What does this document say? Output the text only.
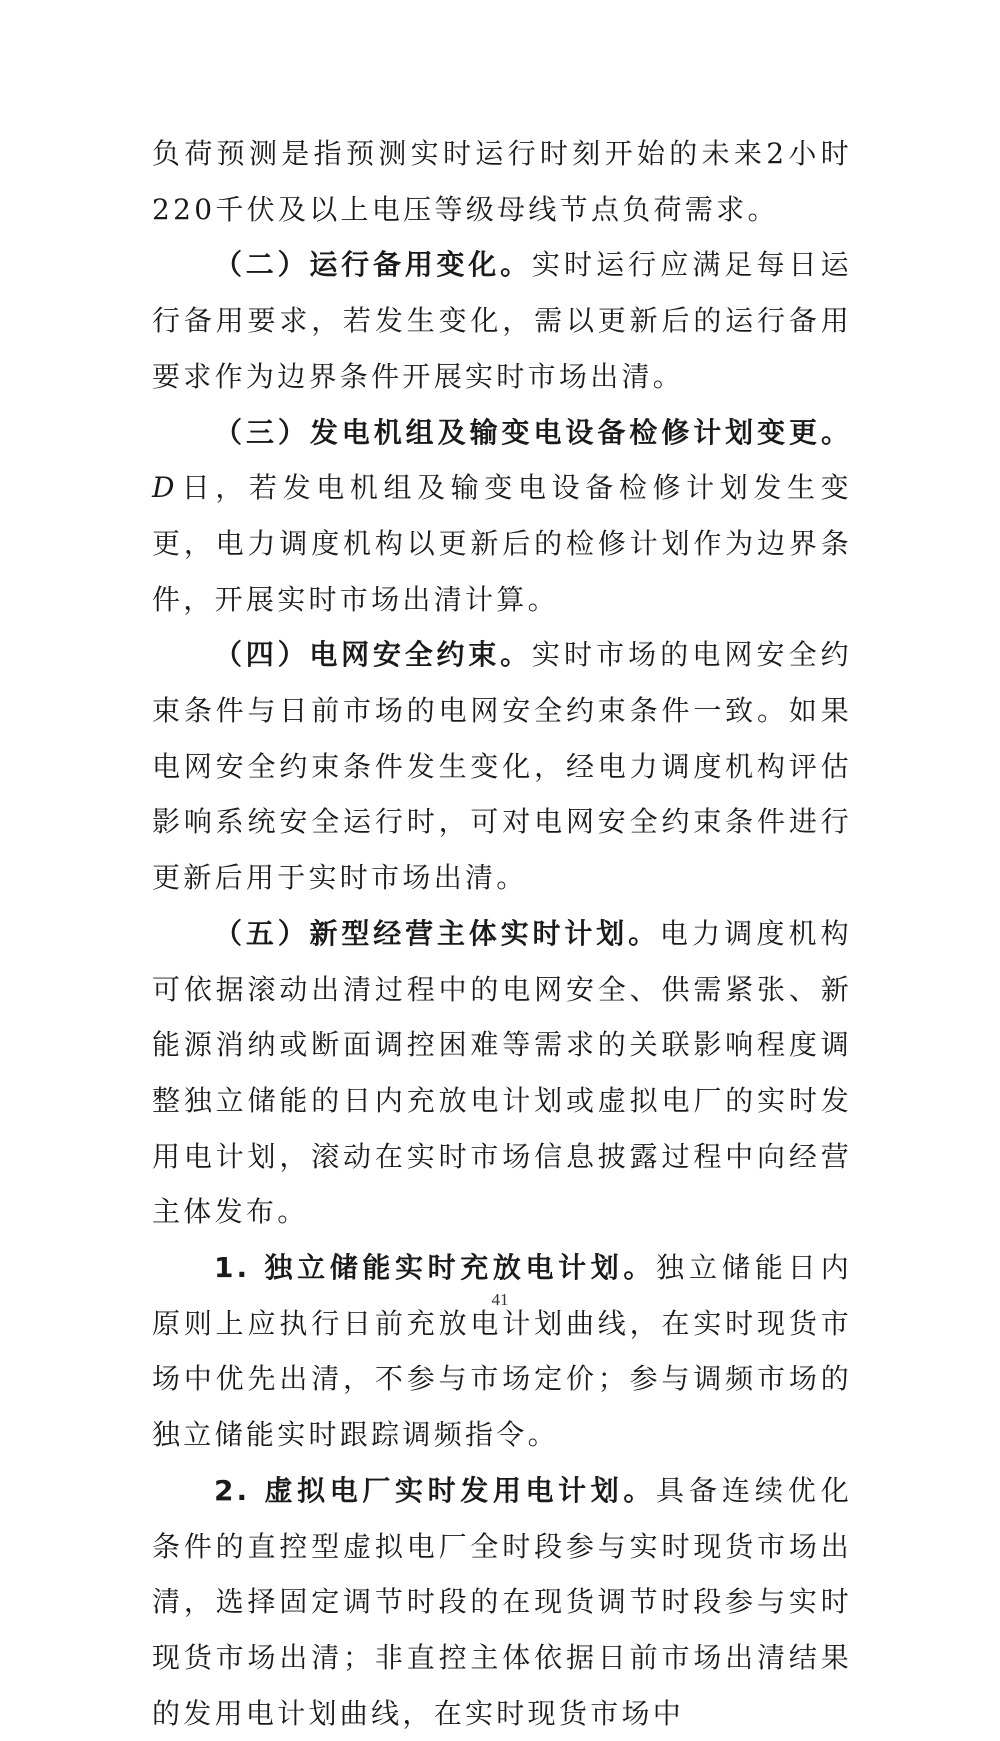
负荷预测是指预测实时运行时刻开始的未来2小时220千伏及以上电压等级母线节点负荷需求。

（二）运行备用变化。实时运行应满足每日运行备用要求，若发生变化，需以更新后的运行备用要求作为边界条件开展实时市场出清。

（三）发电机组及输变电设备检修计划变更。D 日，若发电机组及输变电设备检修计划发生变更，电力调度机构以更新后的检修计划作为边界条件，开展实时市场出清计算。

（四）电网安全约束。实时市场的电网安全约束条件与日前市场的电网安全约束条件一致。如果电网安全约束条件发生变化，经电力调度机构评估影响系统安全运行时，可对电网安全约束条件进行更新后用于实时市场出清。

（五）新型经营主体实时计划。电力调度机构可依据滚动出清过程中的电网安全、供需紧张、新能源消纳或断面调控困难等需求的关联影响程度调整独立储能的日内充放电计划或虚拟电厂的实时发用电计划，滚动在实时市场信息披露过程中向经营主体发布。

1. 独立储能实时充放电计划。独立储能日内原则上应执行日前充放电计划曲线，在实时现货市场中优先出清，不参与市场定价；参与调频市场的独立储能实时跟踪调频指令。

2. 虚拟电厂实时发用电计划。具备连续优化条件的直控型虚拟电厂全时段参与实时现货市场出清，选择固定调节时段的在现货调节时段参与实时现货市场出清；非直控主体依据日前市场出清结果的发用电计划曲线，在实时现货市场中

41
